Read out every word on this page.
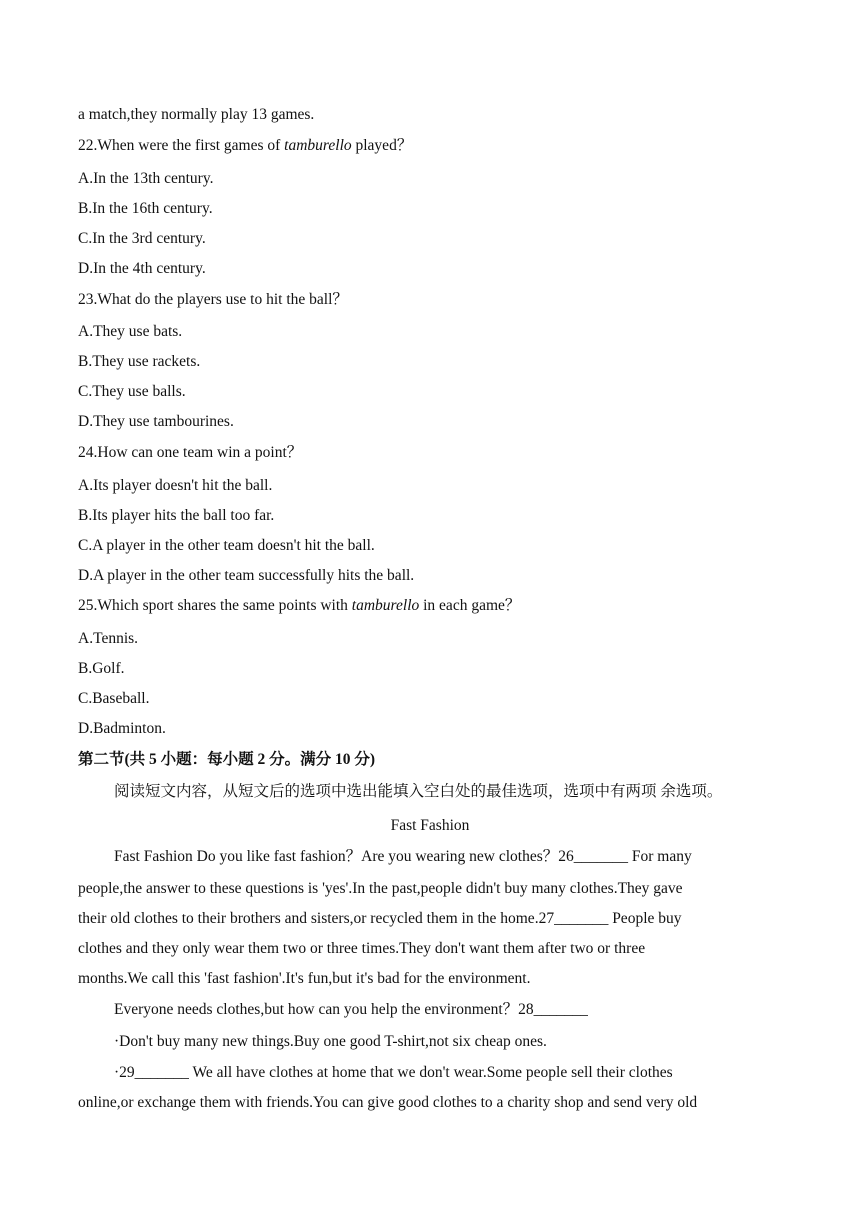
a match,they normally play 13 games.
22.When were the first games of tamburello played？
A.In the 13th century.
B.In the 16th century.
C.In the 3rd century.
D.In the 4th century.
23.What do the players use to hit the ball？
A.They use bats.
B.They use rackets.
C.They use balls.
D.They use tambourines.
24.How can one team win a point？
A.Its player doesn't hit the ball.
B.Its player hits the ball too far.
C.A player in the other team doesn't hit the ball.
D.A player in the other team successfully hits the ball.
25.Which sport shares the same points with tamburello in each game？
A.Tennis.
B.Golf.
C.Baseball.
D.Badminton.
第二节(共 5 小题：每小题 2 分。满分 10 分)
阅读短文内容，从短文后的选项中选出能填入空白处的最佳选项，选项中有两项 余选项。
Fast Fashion
Fast Fashion Do you like fast fashion？Are you wearing new clothes？26_______ For many
people,the answer to these questions is 'yes'.In the past,people didn't buy many clothes.They gave
their old clothes to their brothers and sisters,or recycled them in the home.27_______ People buy
clothes and they only wear them two or three times.They don't want them after two or three
months.We call this 'fast fashion'.It's fun,but it's bad for the environment.
Everyone needs clothes,but how can you help the environment？28_______
·Don't buy many new things.Buy one good T-shirt,not six cheap ones.
·29_______ We all have clothes at home that we don't wear.Some people sell their clothes
online,or exchange them with friends.You can give good clothes to a charity shop and send very old
